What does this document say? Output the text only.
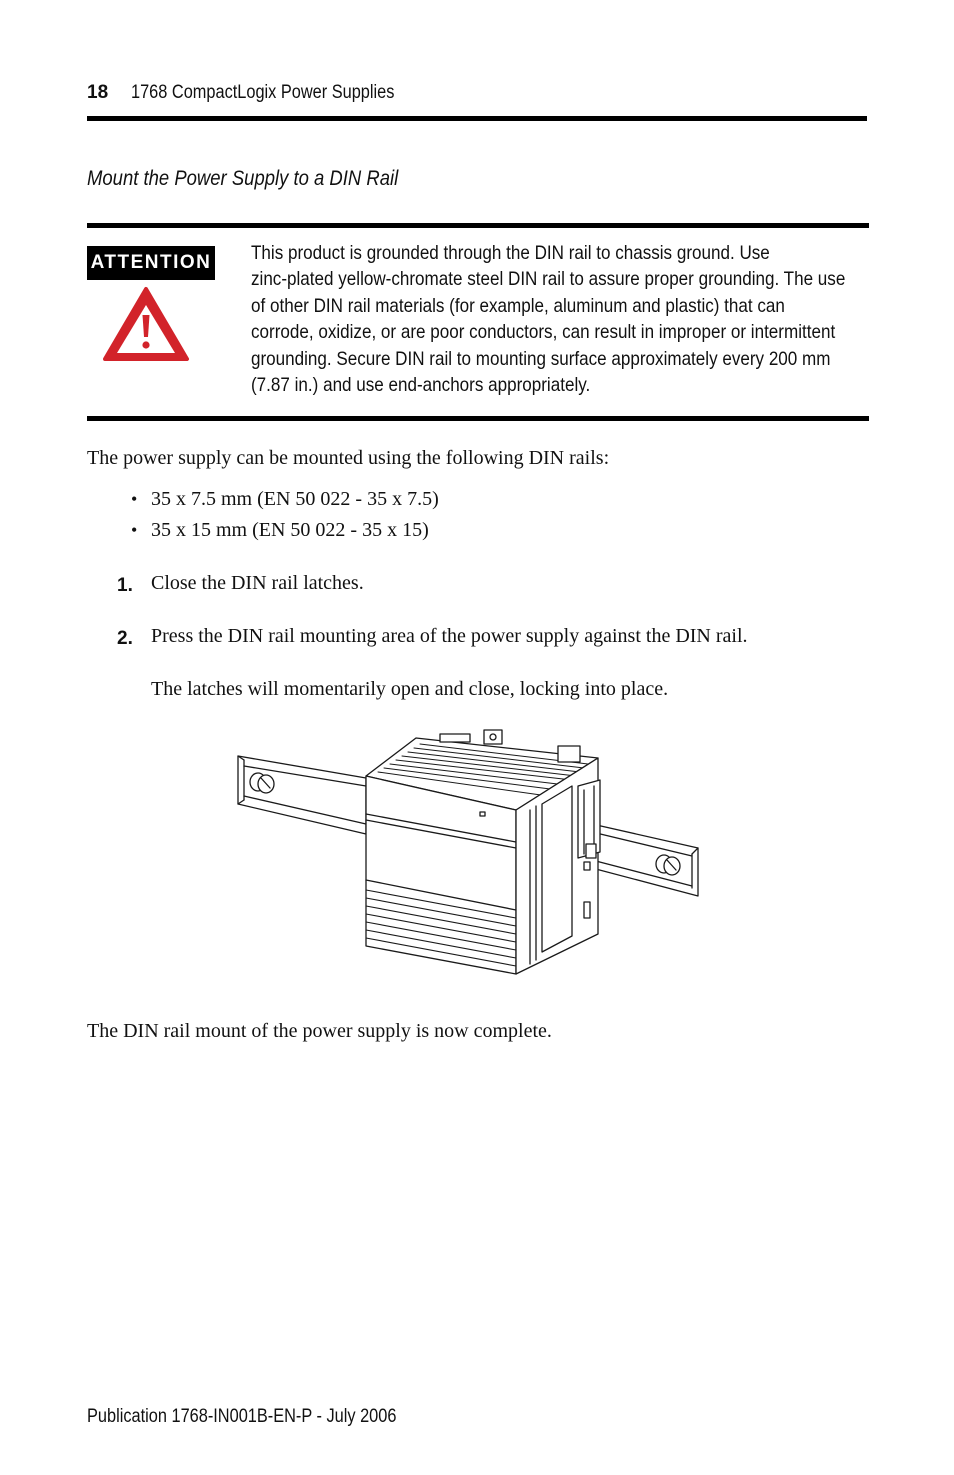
18 1768 CompactLogix Power Supplies
Mount the Power Supply to a DIN Rail
ATTENTION This product is grounded through the DIN rail to chassis ground. Use
zinc-plated yellow-chromate steel DIN rail to assure proper grounding. The use
of other DIN rail materials (for example, aluminum and plastic) that can
corrode, oxidize, or are poor conductors, can result in improper or intermittent
grounding. Secure DIN rail to mounting surface approximately every 200 mm
(7.87 in.) and use end-anchors appropriately.
The power supply can be mounted using the following DIN rails:
• 35 x 7.5 mm (EN 50 022 - 35 x 7.5)
• 35 x 15 mm (EN 50 022 - 35 x 15)
1. Close the DIN rail latches.
2. Press the DIN rail mounting area of the power supply against the DIN rail.
The latches will momentarily open and close, locking into place.
The DIN rail mount of the power supply is now complete.
Publication 1768-IN001B-EN-P - July 2006
